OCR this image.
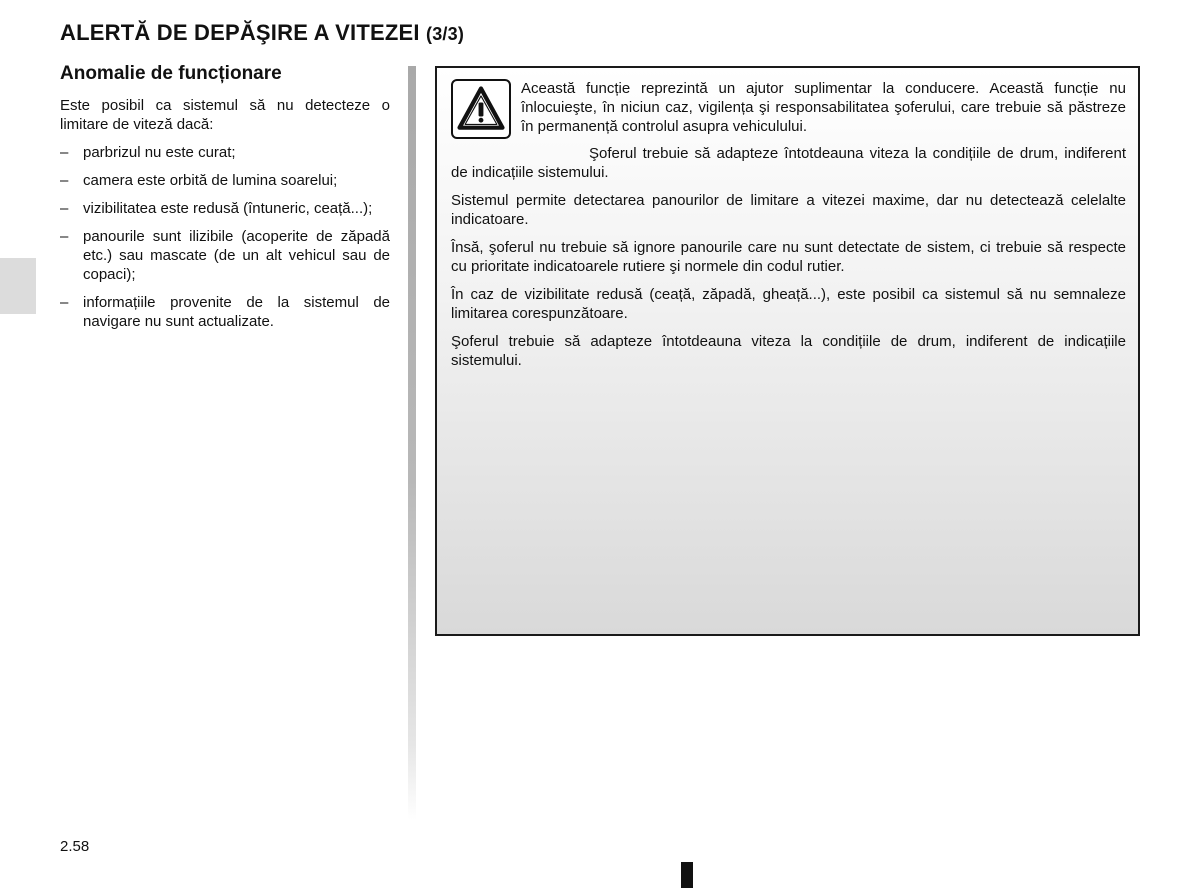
ALERTĂ DE DEPĂŞIRE A VITEZEI (3/3)
Anomalie de funcționare

Este posibil ca sistemul să nu detecteze o limitare de viteză dacă:

– parbrizul nu este curat;
– camera este orbită de lumina soarelui;
– vizibilitatea este redusă (întuneric, ceață...);
– panourile sunt ilizibile (acoperite de zăpadă etc.) sau mascate (de un alt vehicul sau de copaci);
– informațiile provenite de la sistemul de navigare nu sunt actualizate.

Această funcție reprezintă un ajutor suplimentar la conducere. Această funcție nu înlocuieşte, în niciun caz, vigilența şi responsabilitatea şoferului, care trebuie să păstreze în permanență controlul asupra vehiculului.

Şoferul trebuie să adapteze întotdeauna viteza la condițiile de drum, indiferent de indicațiile sistemului.

Sistemul permite detectarea panourilor de limitare a vitezei maxime, dar nu detectează celelalte indicatoare.

Însă, şoferul nu trebuie să ignore panourile care nu sunt detectate de sistem, ci trebuie să respecte cu prioritate indicatoarele rutiere şi normele din codul rutier.

În caz de vizibilitate redusă (ceață, zăpadă, gheață...), este posibil ca sistemul să nu semnaleze limitarea corespunzătoare.

Şoferul trebuie să adapteze întotdeauna viteza la condițiile de drum, indiferent de indicațiile sistemului.

2.58
